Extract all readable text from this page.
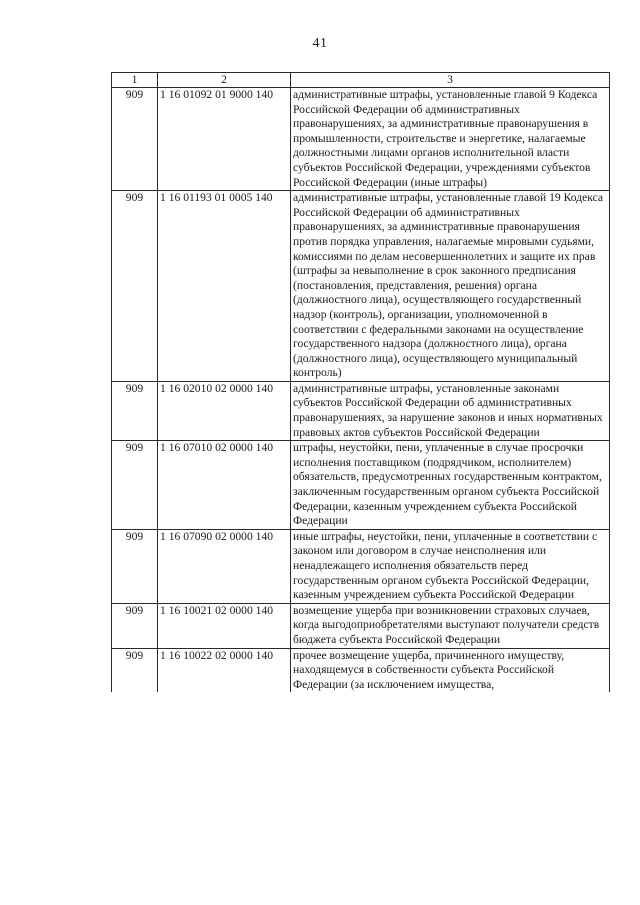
41
1	2	3
909	1 16 01092 01 9000 140	административные штрафы, установленные главой 9 Кодекса Российской Федерации об административных правонарушениях, за административные правонарушения в промышленности, строительстве и энергетике, налагаемые должностными лицами органов исполнительной власти субъектов Российской Федерации, учреждениями субъектов Российской Федерации (иные штрафы)
909	1 16 01193 01 0005 140	административные штрафы, установленные главой 19 Кодекса Российской Федерации об административных правонарушениях, за административные правонарушения против порядка управления, налагаемые мировыми судьями, комиссиями по делам несовершеннолетних и защите их прав (штрафы за невыполнение в срок законного предписания (постановления, представления, решения) органа (должностного лица), осуществляющего государственный надзор (контроль), организации, уполномоченной в соответствии с федеральными законами на осуществление государственного надзора (должностного лица), органа (должностного лица), осуществляющего муниципальный контроль)
909	1 16 02010 02 0000 140	административные штрафы, установленные законами субъектов Российской Федерации об административных правонарушениях, за нарушение законов и иных нормативных правовых актов субъектов Российской Федерации
909	1 16 07010 02 0000 140	штрафы, неустойки, пени, уплаченные в случае просрочки исполнения поставщиком (подрядчиком, исполнителем) обязательств, предусмотренных государственным контрактом, заключенным государственным органом субъекта Российской Федерации, казенным учреждением субъекта Российской Федерации
909	1 16 07090 02 0000 140	иные штрафы, неустойки, пени, уплаченные в соответствии с законом или договором в случае неисполнения или ненадлежащего исполнения обязательств перед государственным органом субъекта Российской Федерации, казенным учреждением субъекта Российской Федерации
909	1 16 10021 02 0000 140	возмещение ущерба при возникновении страховых случаев, когда выгодоприобретателями выступают получатели средств бюджета субъекта Российской Федерации
909	1 16 10022 02 0000 140	прочее возмещение ущерба, причиненного имуществу, находящемуся в собственности субъекта Российской Федерации (за исключением имущества,
